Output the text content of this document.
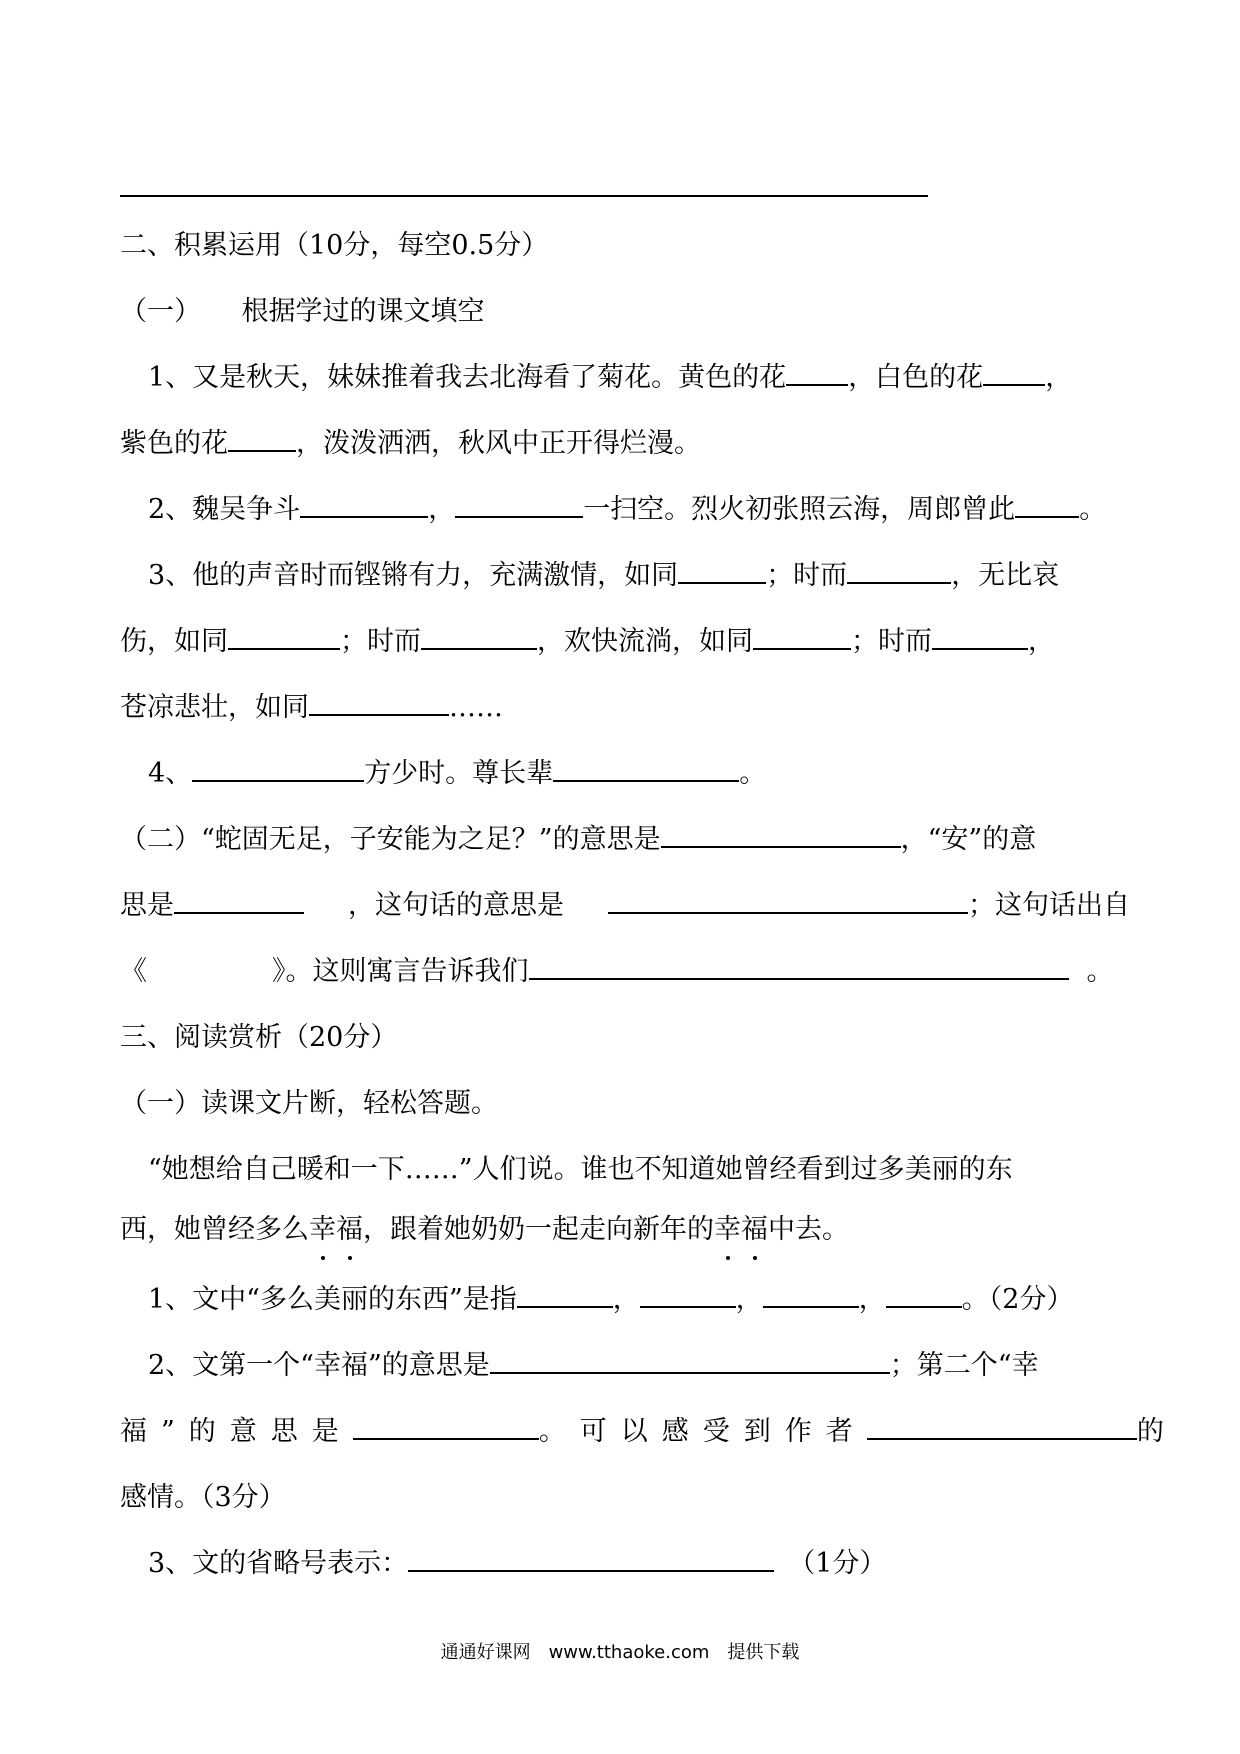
二、积累运用（10分，每空0.5分）
（一）　　根据学过的课文填空
1、又是秋天，妹妹推着我去北海看了菊花。黄色的花 ，白色的花 ，
紫色的花	，泼泼洒洒，秋风中正开得烂漫。
2、魏吴争斗	，	一扫空。烈火初张照云海，周郎曾此 。
3、他的声音时而铿锵有力，充满激情，如同	；时而	，无比哀
伤，如同	；时而	，欢快流淌，如同	；时而	，
苍凉悲壮，如同	……
4、	方少时。尊长辈	。
（二）“蛇固无足，子安能为之足？”的意思是	，“安”的意
思是	，这句话的意思是	；这句话出自
《	》。这则寓言告诉我们	。
三、阅读赏析（20分）
（一）读课文片断，轻松答题。
“她想给自己暖和一下……”人们说。谁也不知道她曾经看到过多美丽的东
西，她曾经多么幸福，跟着她奶奶一起走向新年的幸福中去。
1、文中“多么美丽的东西”是指	，	，	，	。（2分）
2、文第一个“幸福”的意思是	；第二个“幸
福”的意思是	。可以感受到作者	的
感情。（3分）
3、文的省略号表示：	（1分）
通通好课网　www.tthaoke.com　提供下载
